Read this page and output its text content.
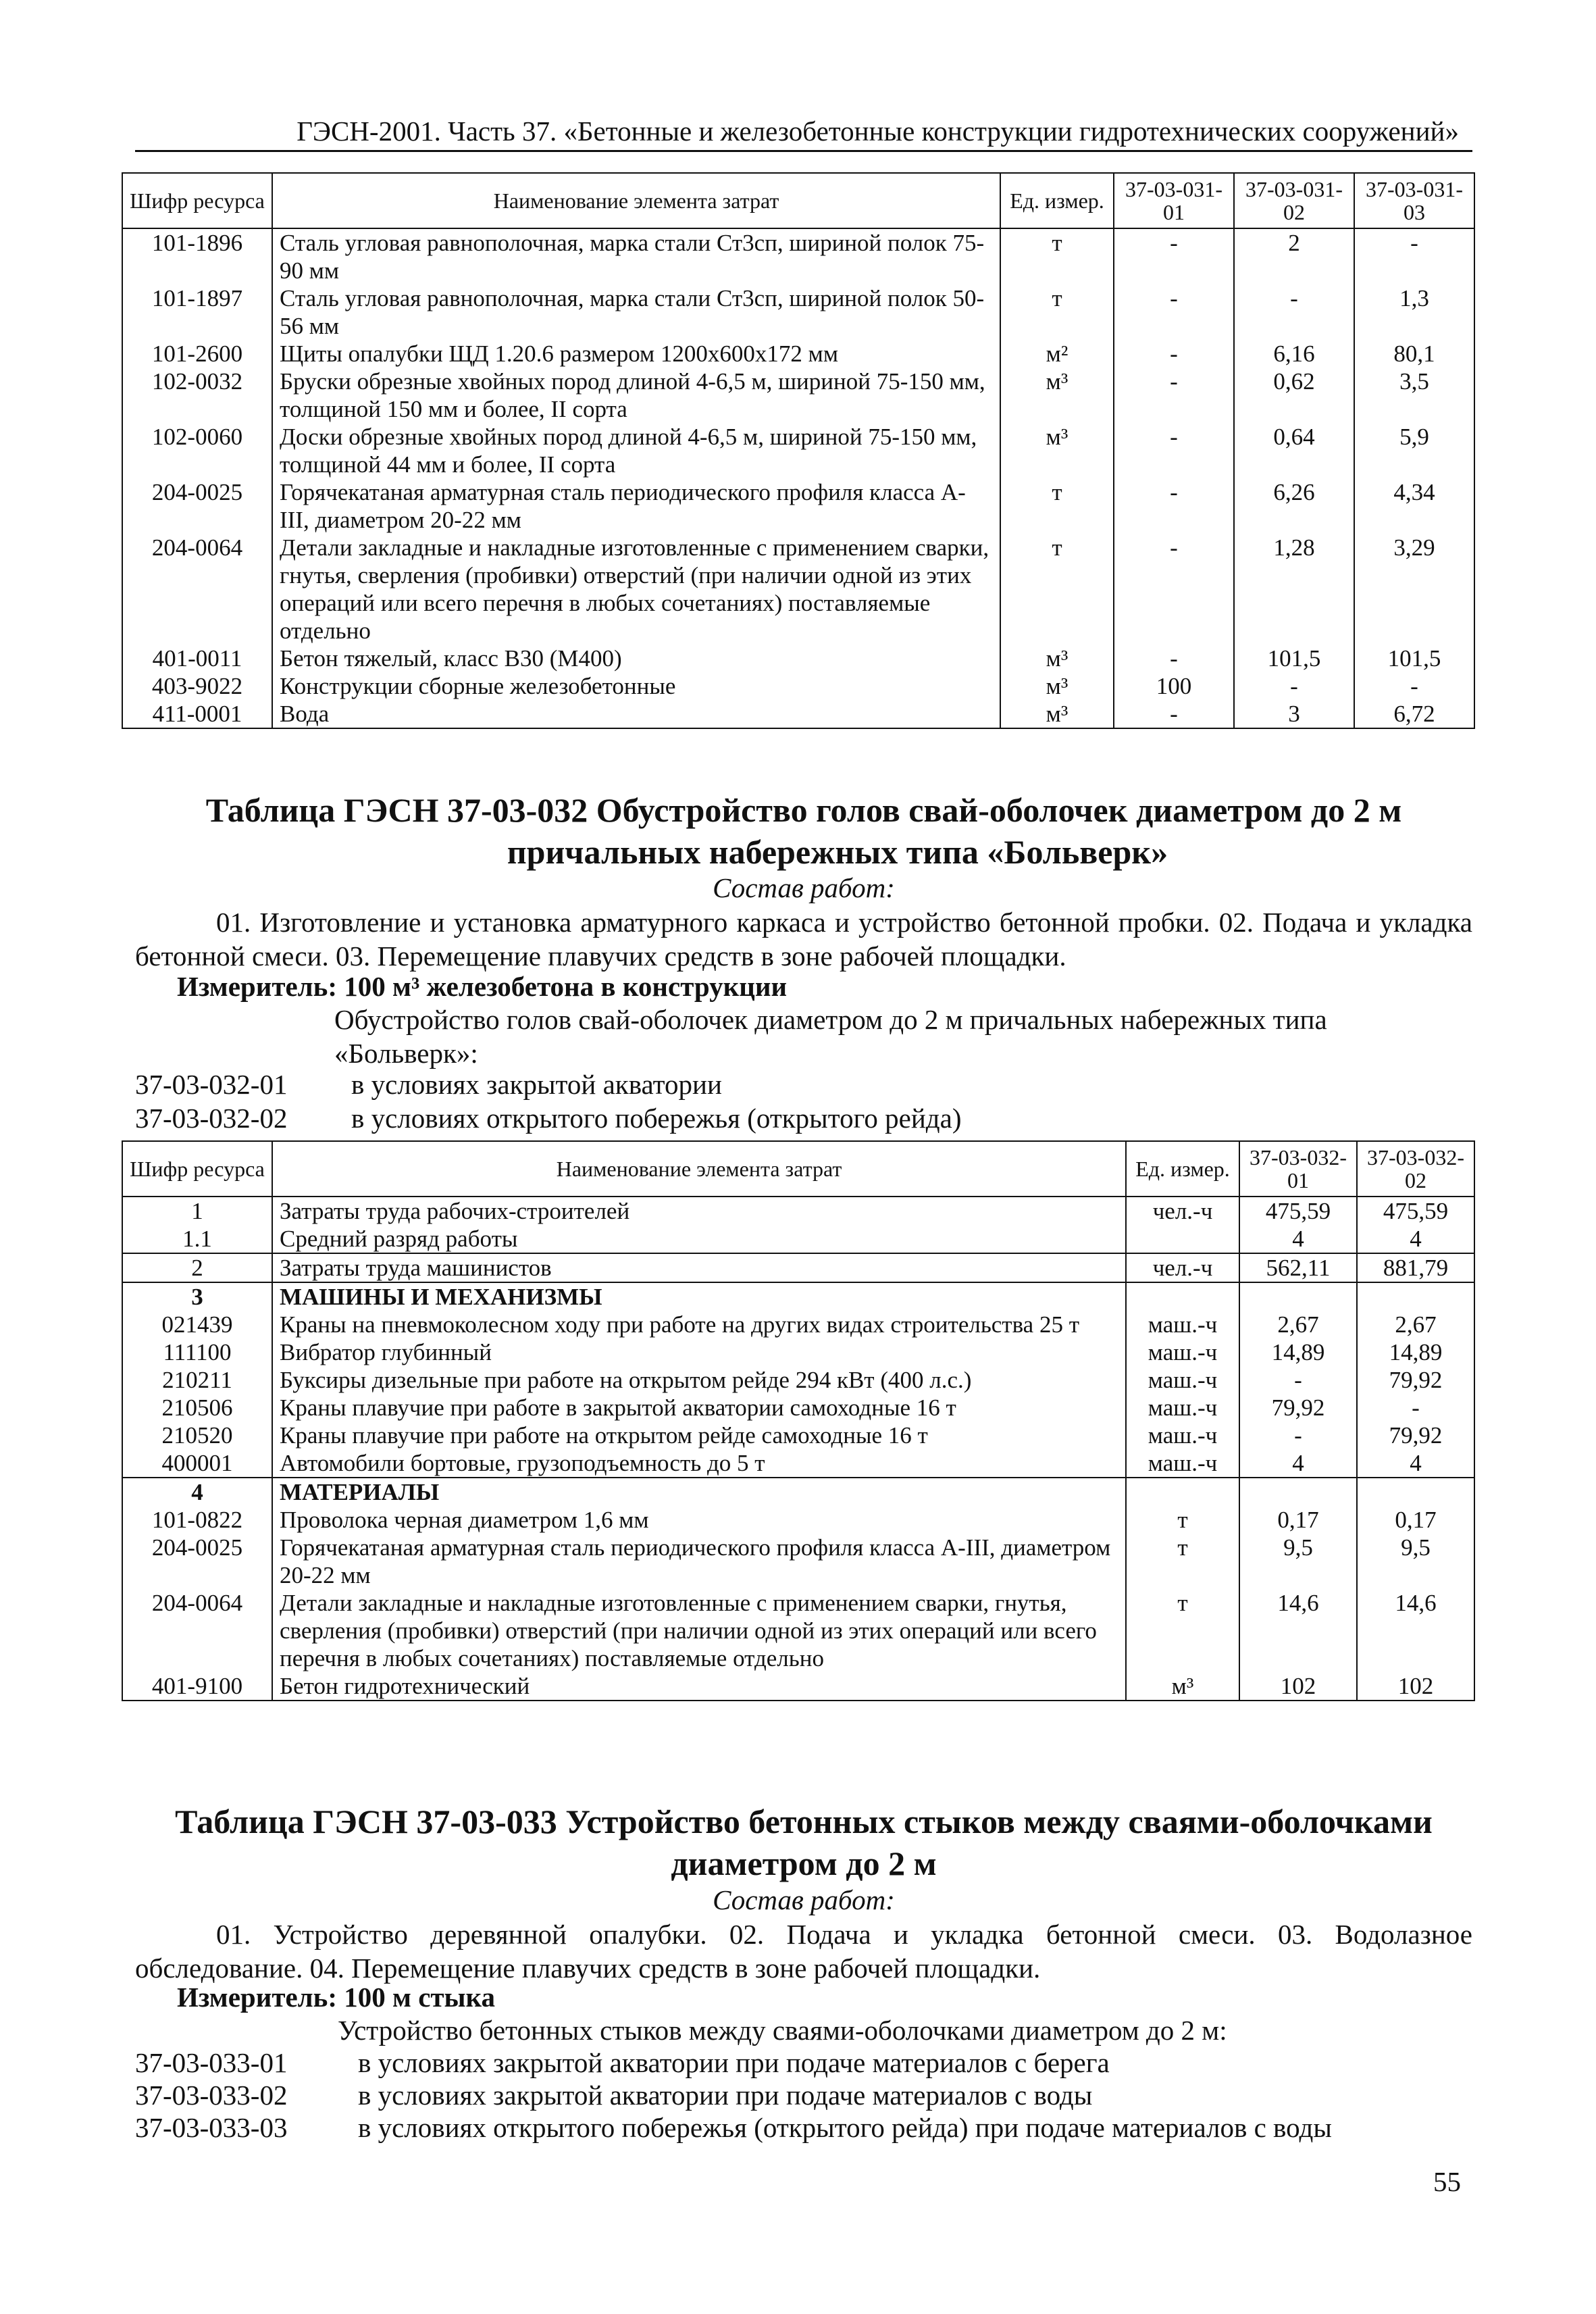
ГЭСН-2001. Часть 37. «Бетонные и железобетонные конструкции гидротехнических сооружений»
Шифр ресурса	Наименование элемента затрат	Ед. измер.	37-03-031-01	37-03-031-02	37-03-031-03
101-1896	Сталь угловая равнополочная, марка стали Ст3сп, шириной полок 75-90 мм	т	-	2	-
101-1897	Сталь угловая равнополочная, марка стали Ст3сп, шириной полок 50-56 мм	т	-	-	1,3
101-2600	Щиты опалубки ЩД 1.20.6 размером 1200х600х172 мм	м²	-	6,16	80,1
102-0032	Бруски обрезные хвойных пород длиной 4-6,5 м, шириной 75-150 мм, толщиной 150 мм и более, II сорта	м³	-	0,62	3,5
102-0060	Доски обрезные хвойных пород длиной 4-6,5 м, шириной 75-150 мм, толщиной 44 мм и более, II сорта	м³	-	0,64	5,9
204-0025	Горячекатаная арматурная сталь периодического профиля класса А-III, диаметром 20-22 мм	т	-	6,26	4,34
204-0064	Детали закладные и накладные изготовленные с применением сварки, гнутья, сверления (пробивки) отверстий (при наличии одной из этих операций или всего перечня в любых сочетаниях) поставляемые отдельно	т	-	1,28	3,29
401-0011	Бетон тяжелый, класс В30 (М400)	м³	-	101,5	101,5
403-9022	Конструкции сборные железобетонные	м³	100	-	-
411-0001	Вода	м³	-	3	6,72
Таблица ГЭСН 37-03-032 Обустройство голов свай-оболочек диаметром до 2 м
причальных набережных типа «Больверк»
Состав работ:
01. Изготовление и установка арматурного каркаса и устройство бетонной пробки. 02. Подача и укладка бетонной смеси. 03. Перемещение плавучих средств в зоне рабочей площадки.
Измеритель: 100 м³ железобетона в конструкции
Обустройство голов свай-оболочек диаметром до 2 м причальных набережных типа «Больверк»:
37-03-032-01 в условиях закрытой акватории
37-03-032-02 в условиях открытого побережья (открытого рейда)
Шифр ресурса	Наименование элемента затрат	Ед. измер.	37-03-032-01	37-03-032-02
1	Затраты труда рабочих-строителей	чел.-ч	475,59	475,59
1.1	Средний разряд работы		4	4
2	Затраты труда машинистов	чел.-ч	562,11	881,79
3	МАШИНЫ И МЕХАНИЗМЫ			
021439	Краны на пневмоколесном ходу при работе на других видах строительства 25 т	маш.-ч	2,67	2,67
111100	Вибратор глубинный	маш.-ч	14,89	14,89
210211	Буксиры дизельные при работе на открытом рейде 294 кВт (400 л.с.)	маш.-ч	-	79,92
210506	Краны плавучие при работе в закрытой акватории самоходные 16 т	маш.-ч	79,92	-
210520	Краны плавучие при работе на открытом рейде самоходные 16 т	маш.-ч	-	79,92
400001	Автомобили бортовые, грузоподъемность до 5 т	маш.-ч	4	4
4	МАТЕРИАЛЫ			
101-0822	Проволока черная диаметром 1,6 мм	т	0,17	0,17
204-0025	Горячекатаная арматурная сталь периодического профиля класса А-III, диаметром 20-22 мм	т	9,5	9,5
204-0064	Детали закладные и накладные изготовленные с применением сварки, гнутья, сверления (пробивки) отверстий (при наличии одной из этих операций или всего перечня в любых сочетаниях) поставляемые отдельно	т	14,6	14,6
401-9100	Бетон гидротехнический	м³	102	102
Таблица ГЭСН 37-03-033 Устройство бетонных стыков между сваями-оболочками
диаметром до 2 м
Состав работ:
01. Устройство деревянной опалубки. 02. Подача и укладка бетонной смеси. 03. Водолазное обследование. 04. Перемещение плавучих средств в зоне рабочей площадки.
Измеритель: 100 м стыка
Устройство бетонных стыков между сваями-оболочками диаметром до 2 м:
37-03-033-01	в условиях закрытой акватории при подаче материалов с берега
37-03-033-02	в условиях закрытой акватории при подаче материалов с воды
37-03-033-03	в условиях открытого побережья (открытого рейда) при подаче материалов с воды
55
